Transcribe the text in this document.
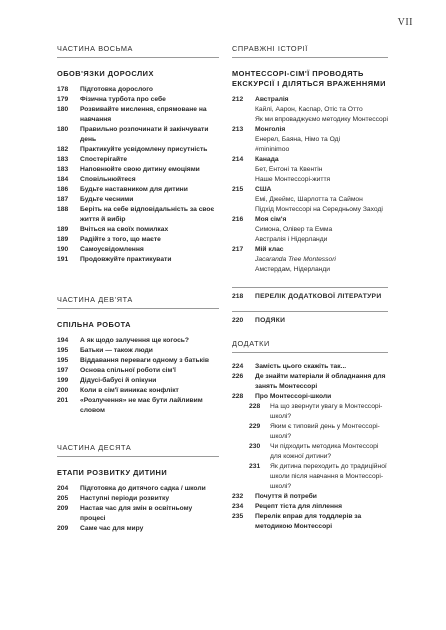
VII
ЧАСТИНА ВОСЬМА
ОБОВ'ЯЗКИ ДОРОСЛИХ
178	Підготовка дорослого
179	Фізична турбота про себе
180	Розвивайте мислення, спрямоване на навчання
180	Правильно розпочинати й закінчувати день
182	Практикуйте усвідомлену присутність
183	Спостерігайте
183	Наповнюйте свою дитину емоціями
184	Сповільнюйтеся
186	Будьте наставником для дитини
187	Будьте чесними
188	Беріть на себе відповідальність за своє життя й вибір
189	Вчіться на своїх помилках
189	Радійте з того, що маєте
190	Самоусвідомлення
191	Продовжуйте практикувати
ЧАСТИНА ДЕВ'ЯТА
СПІЛЬНА РОБОТА
194	А як щодо залучення ще когось?
195	Батьки — також люди
195	Віддавання переваги одному з батьків
197	Основа спільної роботи сім'ї
199	Дідусі-бабусі й опікуни
200	Коли в сім'ї виникає конфлікт
201	«Розлучення» не має бути лайливим словом
ЧАСТИНА ДЕСЯТА
ЕТАПИ РОЗВИТКУ ДИТИНИ
204	Підготовка до дитячого садка / школи
205	Наступні періоди розвитку
209	Настав час для змін в освітньому процесі
209	Саме час для миру
СПРАВЖНІ ІСТОРІЇ
МОНТЕССОРІ-СІМ'Ї ПРОВОДЯТЬ ЕКСКУРСІЇ І ДІЛЯТЬСЯ ВРАЖЕННЯМИ
212	Австралія
Кайлі, Аарон, Каспар, Отіс та Отто
Як ми впроваджуємо методику Монтессорі
213	Монголія
Енерел, Баяна, Німо та Оді
#mininimoo
214	Канада
Бет, Ентоні та Квентін
Наше Монтессорі-життя
215	США
Емі, Джеймс, Шарлотта та Саймон
Підхід Монтессорі на Середньому Заході
216	Моя сім'я
Симона, Олівер та Емма
Австралія і Нідерланди
217	Мій клас
Jacaranda Tree Montessori
Амстердам, Нідерланди
218	ПЕРЕЛІК ДОДАТКОВОЇ ЛІТЕРАТУРИ
220	ПОДЯКИ
ДОДАТКИ
224	Замість цього скажіть так...
226	Де знайти матеріали й обладнання для занять Монтессорі
228	Про Монтессорі-школи
228	На що звернути увагу в Монтессорі-школі?
229	Яким є типовий день у Монтессорі-школі?
230	Чи підходить методика Монтессорі для кожної дитини?
231	Як дитина переходить до традиційної школи після навчання в Монтессорі-школі?
232	Почуття й потреби
234	Рецепт тіста для ліплення
235	Перелік вправ для тоддлерів за методикою Монтессорі
